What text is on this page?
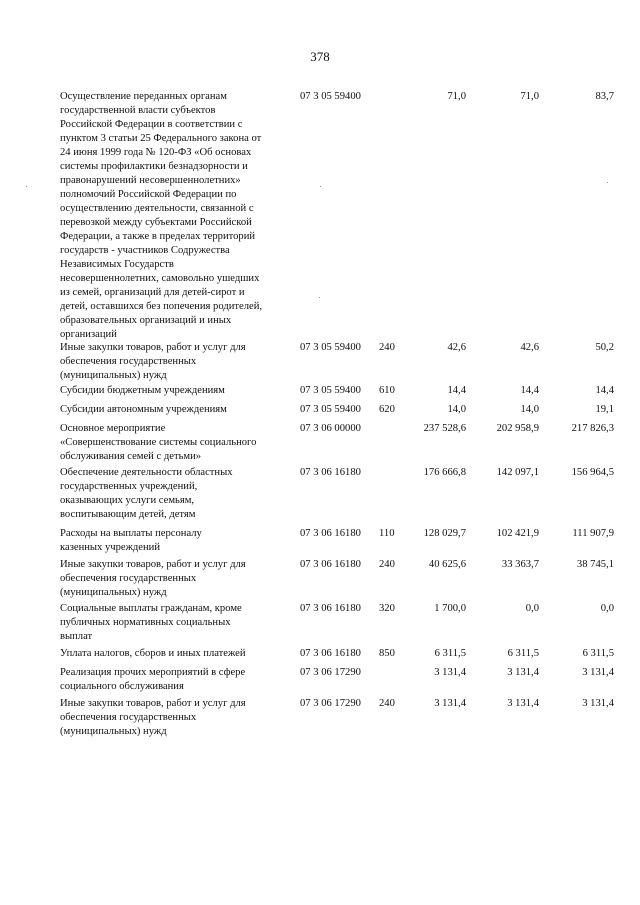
378
Осуществление переданных органам
государственной власти субъектов
Российской Федерации в соответствии с
пунктом 3 статьи 25 Федерального закона от
24 июня 1999 года № 120-ФЗ «Об основах
системы профилактики безнадзорности и
правонарушений несовершеннолетних»
полномочий Российской Федерации по
осуществлению деятельности, связанной с
перевозкой между субъектами Российской
Федерации, а также в пределах территорий
государств - участников Содружества
Независимых Государств
несовершеннолетних, самовольно ушедших
из семей, организаций для детей-сирот и
детей, оставшихся без попечения родителей,
образовательных организаций и иных
организаций
07 3 05 59400	71,0	71,0	83,7
Иные закупки товаров, работ и услуг для
обеспечения государственных
(муниципальных) нужд
07 3 05 59400 240	42,6	42,6	50,2
Субсидии бюджетным учреждениям	07 3 05 59400 610	14,4	14,4	14,4
Субсидии автономным учреждениям	07 3 05 59400 620	14,0	14,0	19,1
Основное мероприятие
«Совершенствование системы социального
обслуживания семей с детьми»
07 3 06 00000	237 528,6	202 958,9	217 826,3
Обеспечение деятельности областных
государственных учреждений,
оказывающих услуги семьям,
воспитывающим детей, детям
07 3 06 16180	176 666,8	142 097,1	156 964,5
Расходы на выплаты персоналу
казенных учреждений
07 3 06 16180 110	128 029,7	102 421,9	111 907,9
Иные закупки товаров, работ и услуг для
обеспечения государственных
(муниципальных) нужд
07 3 06 16180 240	40 625,6	33 363,7	38 745,1
Социальные выплаты гражданам, кроме
публичных нормативных социальных
выплат
07 3 06 16180 320	1 700,0	0,0	0,0
Уплата налогов, сборов и иных платежей	07 3 06 16180 850	6 311,5	6 311,5	6 311,5
Реализация прочих мероприятий в сфере
социального обслуживания
07 3 06 17290	3 131,4	3 131,4	3 131,4
Иные закупки товаров, работ и услуг для
обеспечения государственных
(муниципальных) нужд
07 3 06 17290 240	3 131,4	3 131,4	3 131,4
